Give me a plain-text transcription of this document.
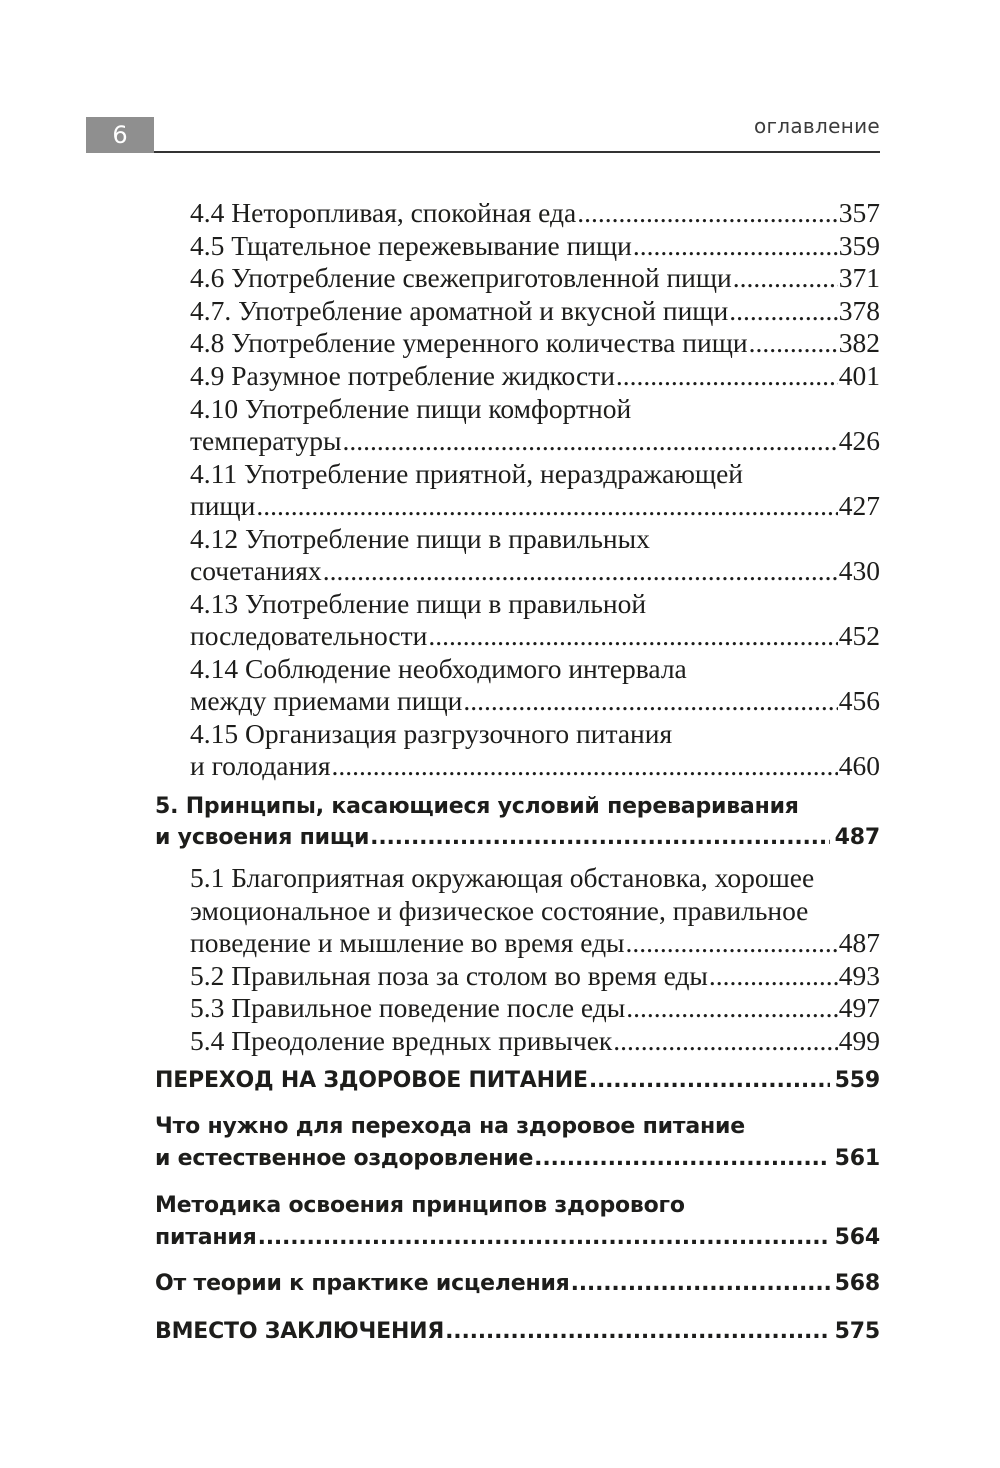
6	оглавление
4.4 Неторопливая, спокойная еда .....	357
4.5 Тщательное пережевывание пищи .....	359
4.6 Употребление свежеприготовленной пищи .....	371
4.7. Употребление ароматной и вкусной пищи .....	378
4.8 Употребление умеренного количества пищи .....	382
4.9 Разумное потребление жидкости .....	401
4.10 Употребление пищи комфортной
температуры .....	426
4.11 Употребление приятной, нераздражающей
пищи .....	427
4.12 Употребление пищи в правильных
сочетаниях .....	430
4.13 Употребление пищи в правильной
последовательности .....	452
4.14 Соблюдение необходимого интервала
между приемами пищи .....	456
4.15 Организация разгрузочного питания
и голодания .....	460
5. Принципы, касающиеся условий переваривания
и усвоения пищи .....	487
5.1 Благоприятная окружающая обстановка, хорошее
эмоциональное и физическое состояние, правильное
поведение и мышление во время еды .....	487
5.2 Правильная поза за столом во время еды .....	493
5.3 Правильное поведение после еды .....	497
5.4 Преодоление вредных привычек .....	499
ПЕРЕХОД НА ЗДОРОВОЕ ПИТАНИЕ .....	559
Что нужно для перехода на здоровое питание
и естественное оздоровление .....	561
Методика освоения принципов здорового
питания .....	564
От теории к практике исцеления .....	568
ВМЕСТО ЗАКЛЮЧЕНИЯ .....	575
